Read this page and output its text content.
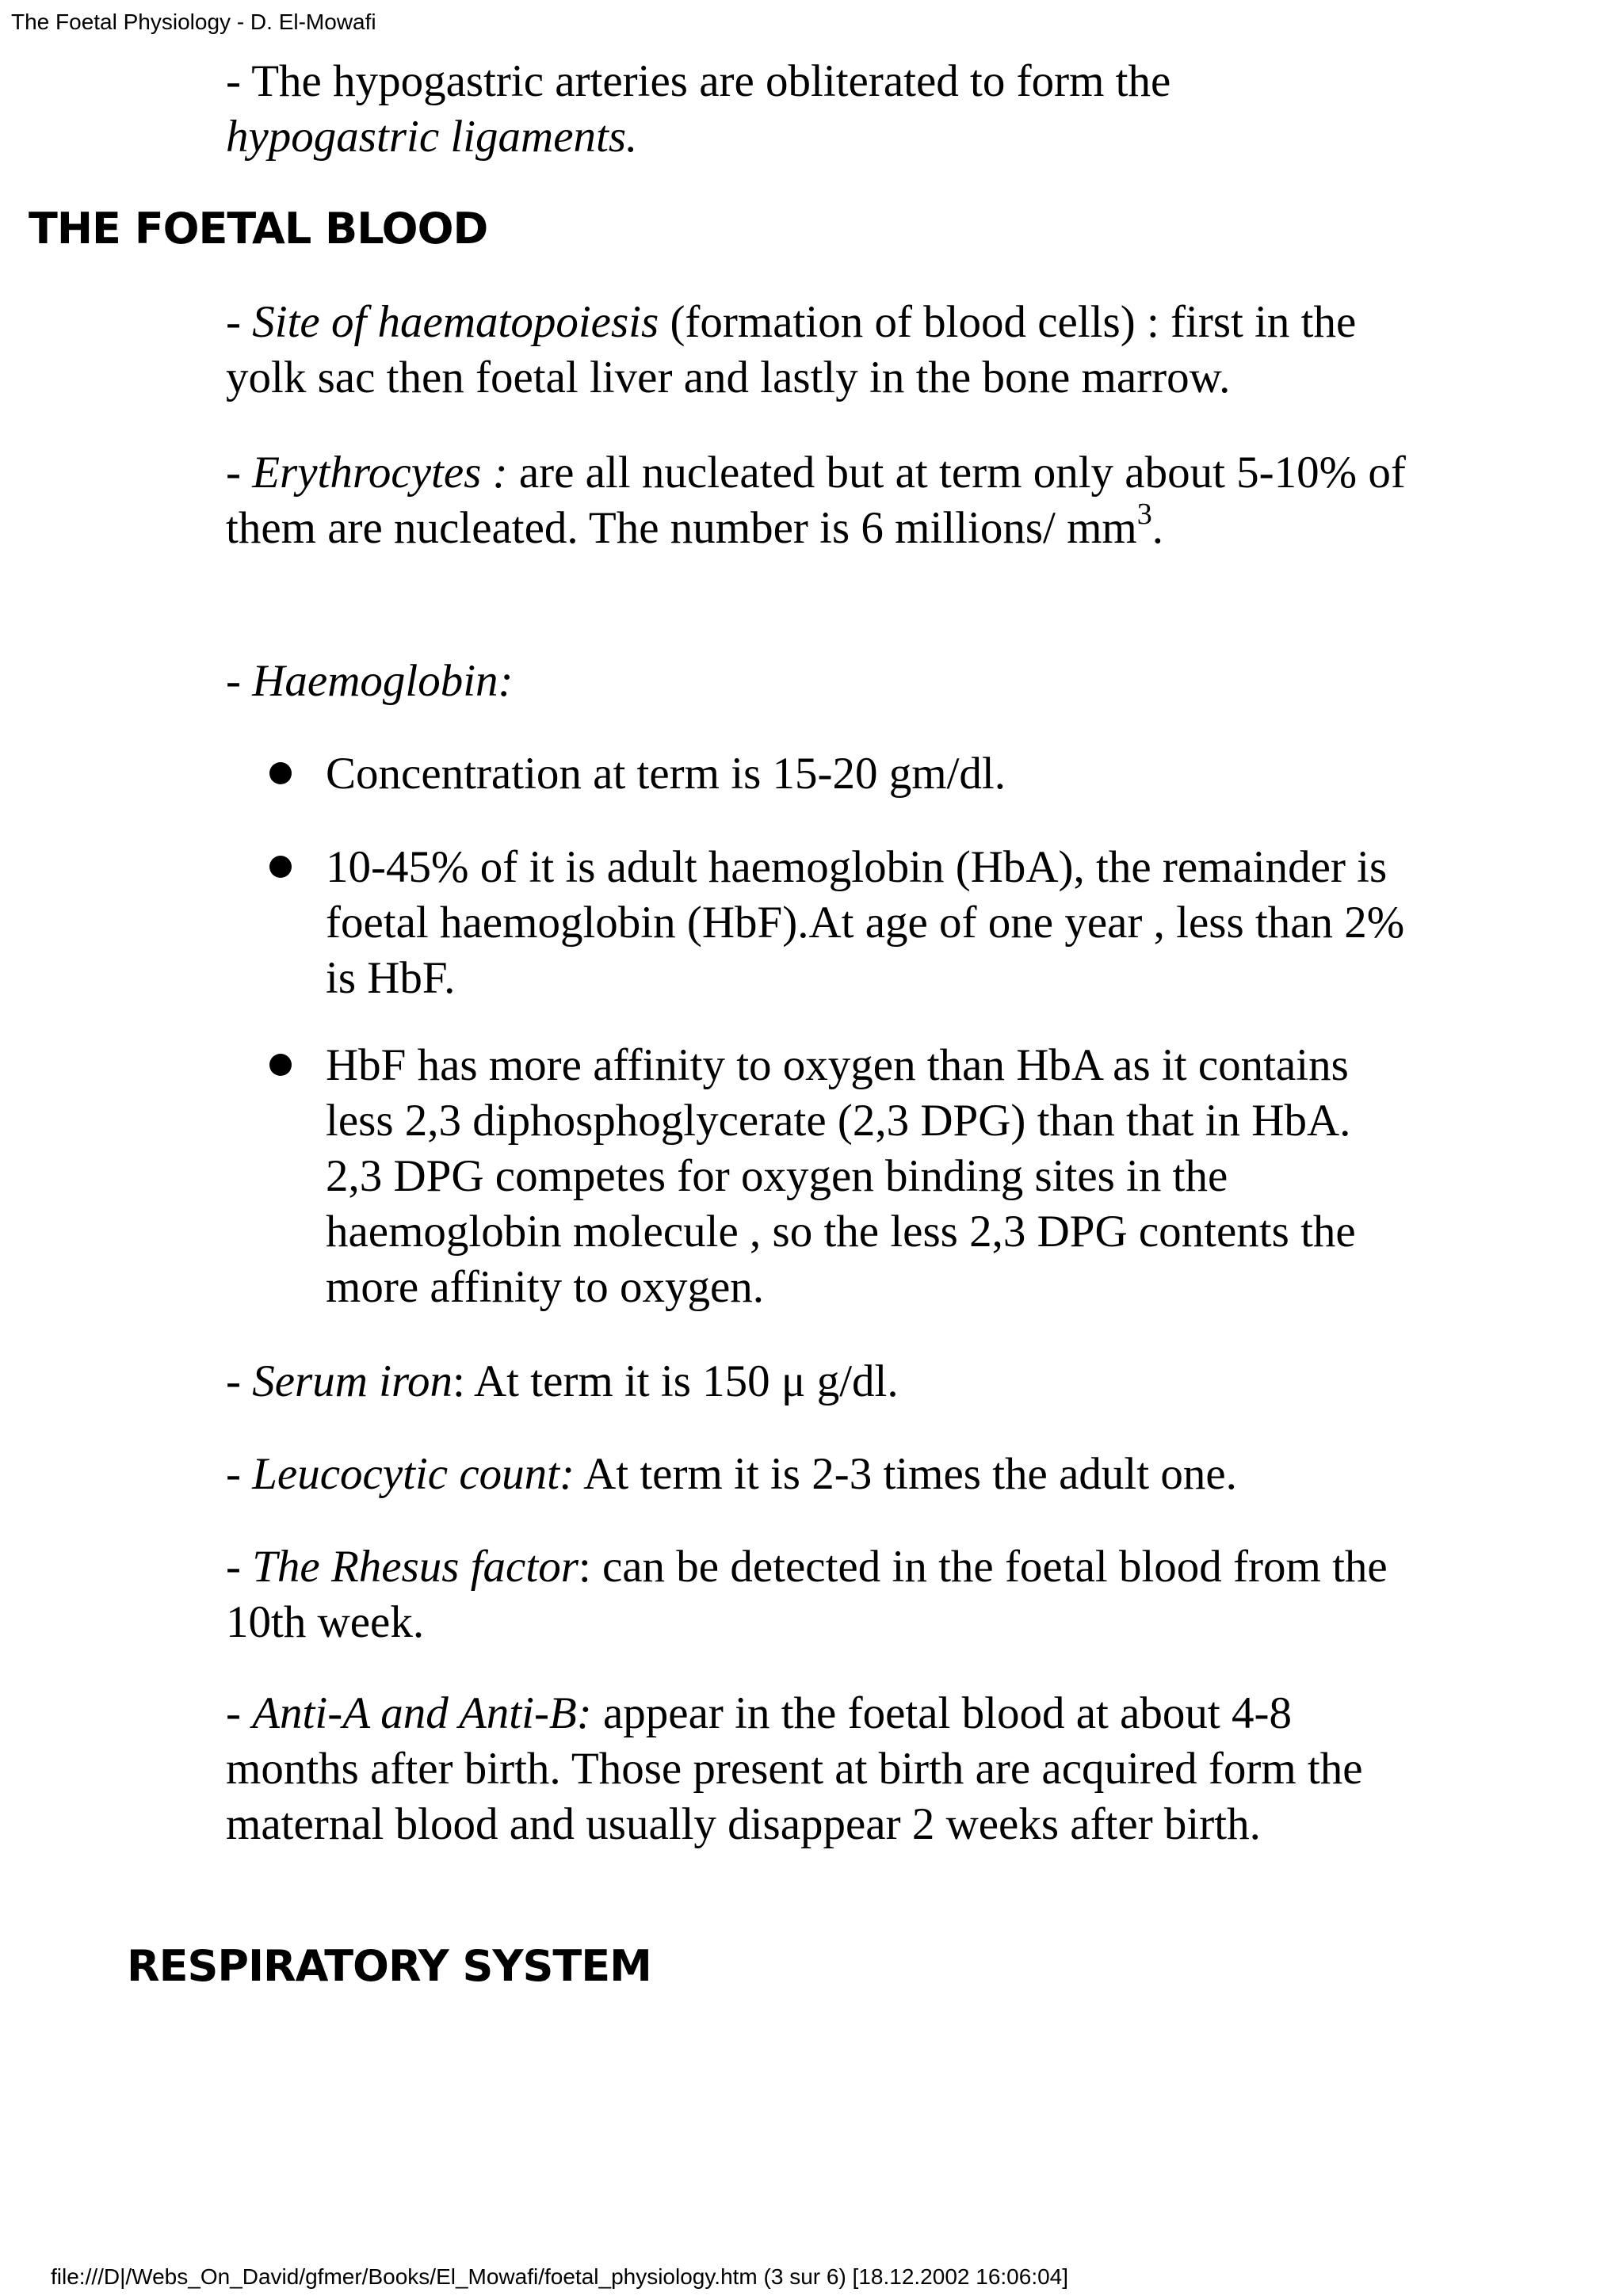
The Foetal Physiology - D. El-Mowafi

- The hypogastric arteries are obliterated to form the
hypogastric ligaments.

THE FOETAL BLOOD

- Site of haematopoiesis (formation of blood cells) : first in the yolk sac then foetal liver and lastly in the bone marrow.

- Erythrocytes : are all nucleated but at term only about 5-10% of them are nucleated. The number is 6 millions/ $mm^3$.

- Haemoglobin:

Concentration at term is 15-20 gm/dl.
10-45% of it is adult haemoglobin (HbA), the remainder is foetal haemoglobin (HbF).At age of one year , less than 2% is HbF.
HbF has more affinity to oxygen than HbA as it contains less 2,3 diphosphoglycerate (2,3 DPG) than that in HbA. 2,3 DPG competes for oxygen binding sites in the haemoglobin molecule , so the less 2,3 DPG contents the more affinity to oxygen.

- Serum iron: At term it is 150 μ g/dl.

- Leucocytic count: At term it is 2-3 times the adult one.

- The Rhesus factor: can be detected in the foetal blood from the 10th week.

- Anti-A and Anti-B: appear in the foetal blood at about 4-8 months after birth. Those present at birth are acquired form the maternal blood and usually disappear 2 weeks after birth.

RESPIRATORY SYSTEM
file:///D|/Webs_On_David/gfmer/Books/El_Mowafi/foetal_physiology.htm (3 sur 6) [18.12.2002 16:06:04]
